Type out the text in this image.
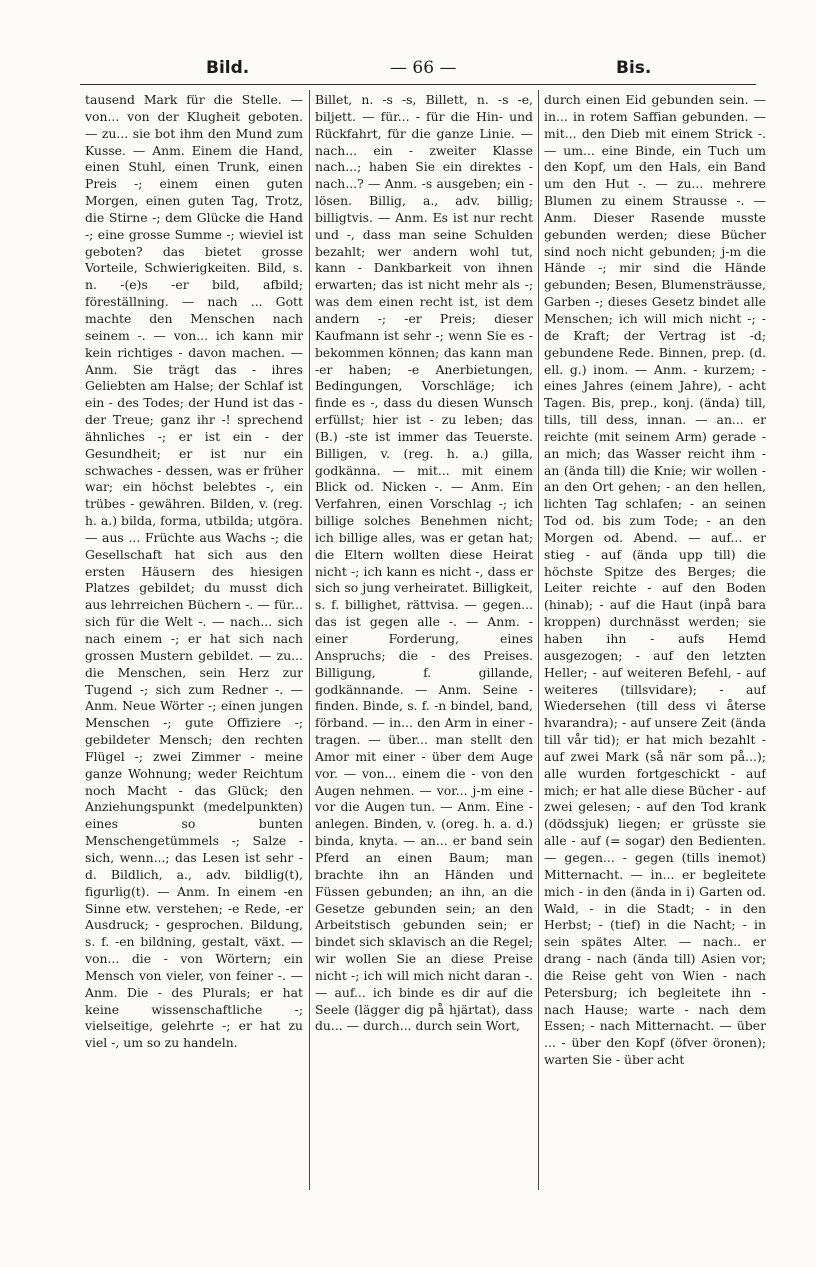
Bild.	— 66 —	Bis.

tausend Mark für die Stelle. — von... von der Klugheit geboten. — zu... sie bot ihm den Mund zum Kusse. — Anm. Einem die Hand, einen Stuhl, einen Trunk, einen Preis -; einem einen guten Morgen, einen guten Tag, Trotz, die Stirne -; dem Glücke die Hand -; eine grosse Summe -; wieviel ist geboten? das bietet grosse Vorteile, Schwierigkeiten. Bild, s. n. -(e)s -er bild, afbild; föreställning. — nach ... Gott machte den Menschen nach seinem -. — von... ich kann mir kein richtiges - davon machen. — Anm. Sie trägt das - ihres Geliebten am Halse; der Schlaf ist ein - des Todes; der Hund ist das - der Treue; ganz ihr -! sprechend ähnliches -; er ist ein - der Gesundheit; er ist nur ein schwaches - dessen, was er früher war; ein höchst belebtes -, ein trübes - gewähren. Bilden, v. (reg. h. a.) bilda, forma, utbilda; utgöra. — aus ... Früchte aus Wachs -; die Gesellschaft hat sich aus den ersten Häusern des hiesigen Platzes gebildet; du musst dich aus lehrreichen Büchern -. — für... sich für die Welt -. — nach... sich nach einem -; er hat sich nach grossen Mustern gebildet. — zu... die Menschen, sein Herz zur Tugend -; sich zum Redner -. — Anm. Neue Wörter -; einen jungen Menschen -; gute Offiziere -; gebildeter Mensch; den rechten Flügel -; zwei Zimmer - meine ganze Wohnung; weder Reichtum noch Macht - das Glück; den Anziehungspunkt (medelpunkten) eines so bunten Menschengetümmels -; Salze - sich, wenn...; das Lesen ist sehr -d. Bildlich, a., adv. bildlig(t), figurlig(t). — Anm. In einem -en Sinne etw. verstehen; -e Rede, -er Ausdruck; - gesprochen. Bildung, s. f. -en bildning, gestalt, växt. — von... die - von Wörtern; ein Mensch von vieler, von feiner -. — Anm. Die - des Plurals; er hat keine wissenschaftliche -; vielseitige, gelehrte -; er hat zu viel -, um so zu handeln.

Billet, n. -s -s, Billett, n. -s -e, biljett. — für... - für die Hin- und Rückfahrt, für die ganze Linie. — nach... ein - zweiter Klasse nach...; haben Sie ein direktes - nach...? — Anm. -s ausgeben; ein - lösen. Billig, a., adv. billig; billigtvis. — Anm. Es ist nur recht und -, dass man seine Schulden bezahlt; wer andern wohl tut, kann - Dankbarkeit von ihnen erwarten; das ist nicht mehr als -; was dem einen recht ist, ist dem andern -; -er Preis; dieser Kaufmann ist sehr -; wenn Sie es - bekommen können; das kann man -er haben; -e Anerbietungen, Bedingungen, Vorschläge; ich finde es -, dass du diesen Wunsch erfüllst; hier ist - zu leben; das (B.) -ste ist immer das Teuerste. Billigen, v. (reg. h. a.) gilla, godkänna. — mit... mit einem Blick od. Nicken -. — Anm. Ein Verfahren, einen Vorschlag -; ich billige solches Benehmen nicht; ich billige alles, was er getan hat; die Eltern wollten diese Heirat nicht -; ich kann es nicht -, dass er sich so jung verheiratet. Billigkeit, s. f. billighet, rättvisa. — gegen... das ist gegen alle -. — Anm. - einer Forderung, eines Anspruchs; die - des Preises. Billigung, f. gillande, godkännande. — Anm. Seine - finden. Binde, s. f. -n bindel, band, förband. — in... den Arm in einer - tragen. — über... man stellt den Amor mit einer - über dem Auge vor. — von... einem die - von den Augen nehmen. — vor... j-m eine - vor die Augen tun. — Anm. Eine - anlegen. Binden, v. (oreg. h. a. d.) binda, knyta. — an... er band sein Pferd an einen Baum; man brachte ihn an Händen und Füssen gebunden; an ihn, an die Gesetze gebunden sein; an den Arbeitstisch gebunden sein; er bindet sich sklavisch an die Regel; wir wollen Sie an diese Preise nicht -; ich will mich nicht daran -. — auf... ich binde es dir auf die Seele (lägger dig på hjärtat), dass du... — durch... durch sein Wort,

durch einen Eid gebunden sein. — in... in rotem Saffian gebunden. — mit... den Dieb mit einem Strick -. — um... eine Binde, ein Tuch um den Kopf, um den Hals, ein Band um den Hut -. — zu... mehrere Blumen zu einem Strausse -. — Anm. Dieser Rasende musste gebunden werden; diese Bücher sind noch nicht gebunden; j-m die Hände -; mir sind die Hände gebunden; Besen, Blumensträusse, Garben -; dieses Gesetz bindet alle Menschen; ich will mich nicht -; -de Kraft; der Vertrag ist -d; gebundene Rede. Binnen, prep. (d. ell. g.) inom. — Anm. - kurzem; - eines Jahres (einem Jahre), - acht Tagen. Bis, prep., konj. (ända) till, tills, till dess, innan. — an... er reichte (mit seinem Arm) gerade - an mich; das Wasser reicht ihm - an (ända till) die Knie; wir wollen - an den Ort gehen; - an den hellen, lichten Tag schlafen; - an seinen Tod od. bis zum Tode; - an den Morgen od. Abend. — auf... er stieg - auf (ända upp till) die höchste Spitze des Berges; die Leiter reichte - auf den Boden (hinab); - auf die Haut (inpå bara kroppen) durchnässt werden; sie haben ihn - aufs Hemd ausgezogen; - auf den letzten Heller; - auf weiteren Befehl, - auf weiteres (tillsvidare); - auf Wiedersehen (till dess vi återse hvarandra); - auf unsere Zeit (ända till vår tid); er hat mich bezahlt - auf zwei Mark (så när som på...); alle wurden fortgeschickt - auf mich; er hat alle diese Bücher - auf zwei gelesen; - auf den Tod krank (dödssjuk) liegen; er grüsste sie alle - auf (= sogar) den Bedienten. — gegen... - gegen (tills inemot) Mitternacht. — in... er begleitete mich - in den (ända in i) Garten od. Wald, - in die Stadt; - in den Herbst; - (tief) in die Nacht; - in sein spätes Alter. — nach.. er drang - nach (ända till) Asien vor; die Reise geht von Wien - nach Petersburg; ich begleitete ihn - nach Hause; warte - nach dem Essen; - nach Mitternacht. — über ... - über den Kopf (öfver öronen); warten Sie - über acht
